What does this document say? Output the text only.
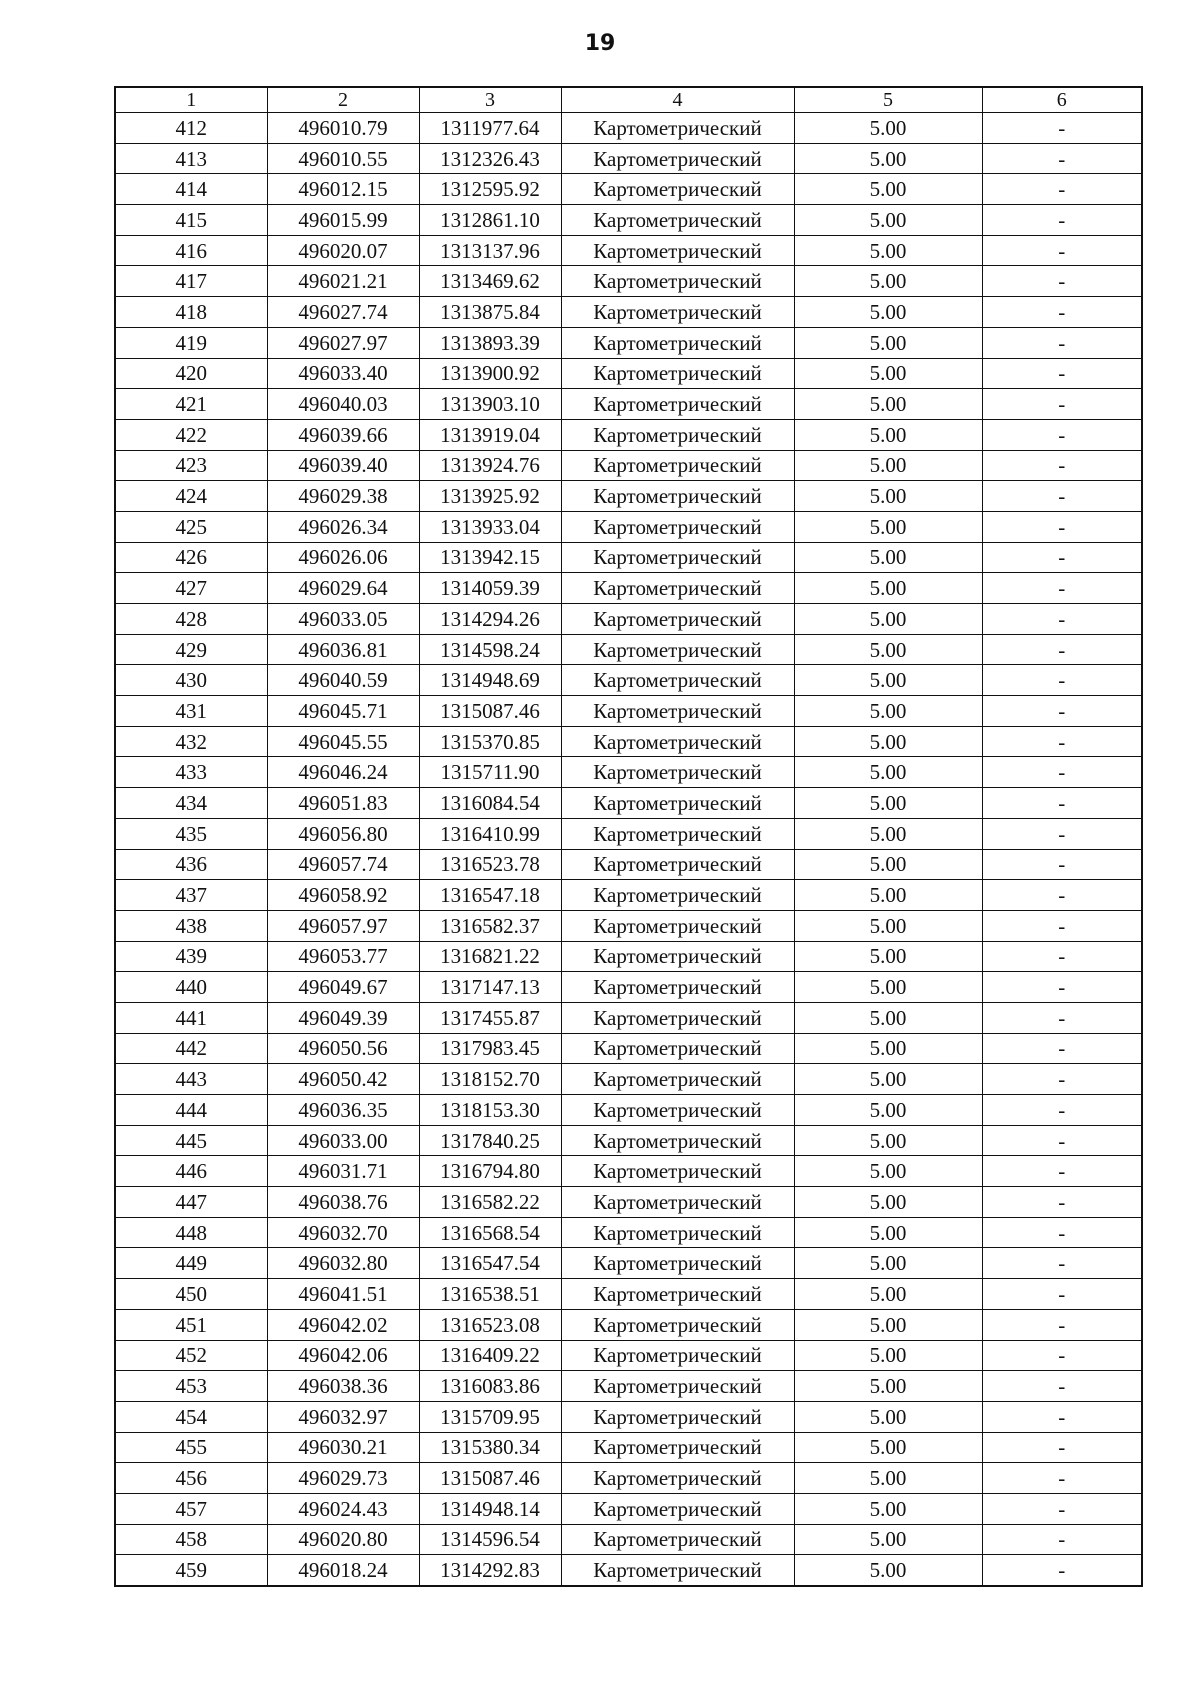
19
1	2	3	4	5	6
412	496010.79	1311977.64	Картометрический	5.00	-
413	496010.55	1312326.43	Картометрический	5.00	-
414	496012.15	1312595.92	Картометрический	5.00	-
415	496015.99	1312861.10	Картометрический	5.00	-
416	496020.07	1313137.96	Картометрический	5.00	-
417	496021.21	1313469.62	Картометрический	5.00	-
418	496027.74	1313875.84	Картометрический	5.00	-
419	496027.97	1313893.39	Картометрический	5.00	-
420	496033.40	1313900.92	Картометрический	5.00	-
421	496040.03	1313903.10	Картометрический	5.00	-
422	496039.66	1313919.04	Картометрический	5.00	-
423	496039.40	1313924.76	Картометрический	5.00	-
424	496029.38	1313925.92	Картометрический	5.00	-
425	496026.34	1313933.04	Картометрический	5.00	-
426	496026.06	1313942.15	Картометрический	5.00	-
427	496029.64	1314059.39	Картометрический	5.00	-
428	496033.05	1314294.26	Картометрический	5.00	-
429	496036.81	1314598.24	Картометрический	5.00	-
430	496040.59	1314948.69	Картометрический	5.00	-
431	496045.71	1315087.46	Картометрический	5.00	-
432	496045.55	1315370.85	Картометрический	5.00	-
433	496046.24	1315711.90	Картометрический	5.00	-
434	496051.83	1316084.54	Картометрический	5.00	-
435	496056.80	1316410.99	Картометрический	5.00	-
436	496057.74	1316523.78	Картометрический	5.00	-
437	496058.92	1316547.18	Картометрический	5.00	-
438	496057.97	1316582.37	Картометрический	5.00	-
439	496053.77	1316821.22	Картометрический	5.00	-
440	496049.67	1317147.13	Картометрический	5.00	-
441	496049.39	1317455.87	Картометрический	5.00	-
442	496050.56	1317983.45	Картометрический	5.00	-
443	496050.42	1318152.70	Картометрический	5.00	-
444	496036.35	1318153.30	Картометрический	5.00	-
445	496033.00	1317840.25	Картометрический	5.00	-
446	496031.71	1316794.80	Картометрический	5.00	-
447	496038.76	1316582.22	Картометрический	5.00	-
448	496032.70	1316568.54	Картометрический	5.00	-
449	496032.80	1316547.54	Картометрический	5.00	-
450	496041.51	1316538.51	Картометрический	5.00	-
451	496042.02	1316523.08	Картометрический	5.00	-
452	496042.06	1316409.22	Картометрический	5.00	-
453	496038.36	1316083.86	Картометрический	5.00	-
454	496032.97	1315709.95	Картометрический	5.00	-
455	496030.21	1315380.34	Картометрический	5.00	-
456	496029.73	1315087.46	Картометрический	5.00	-
457	496024.43	1314948.14	Картометрический	5.00	-
458	496020.80	1314596.54	Картометрический	5.00	-
459	496018.24	1314292.83	Картометрический	5.00	-
